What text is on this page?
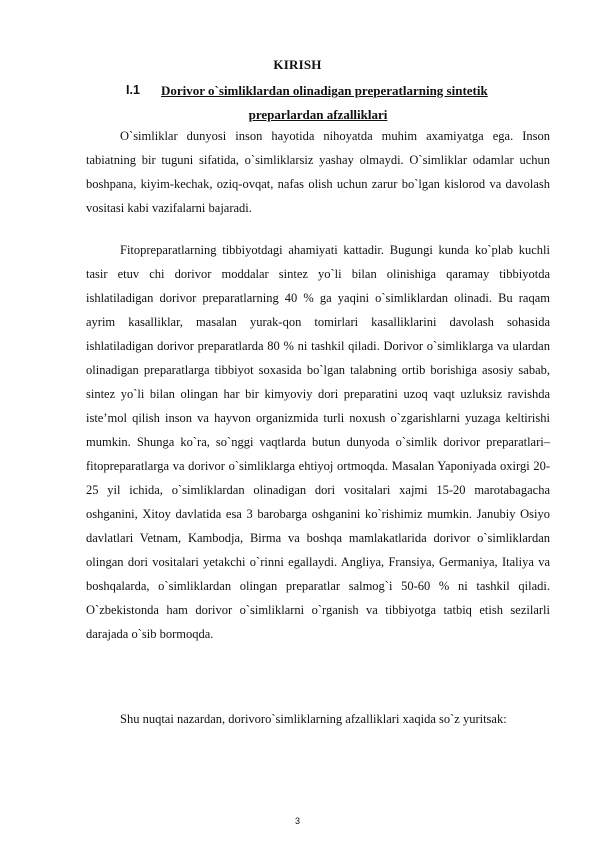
KIRISH
I.1 Dorivor o`simliklardan olinadigan preperatlarning sintetik
preparlardan afzalliklari

O`simliklar dunyosi inson hayotida nihoyatda muhim axamiyatga ega. Inson tabiatning bir tuguni sifatida, o`simliklarsiz yashay olmaydi. O`simliklar odamlar uchun boshpana, kiyim-kechak, oziq-ovqat, nafas olish uchun zarur bo`lgan kislorod va davolash vositasi kabi vazifalarni bajaradi.

Fitopreparatlarning tibbiyotdagi ahamiyati kattadir. Bugungi kunda ko`plab kuchli tasir etuv chi dorivor moddalar sintez yo`li bilan olinishiga qaramay tibbiyotda ishlatiladigan dorivor preparatlarning 40 % ga yaqini o`simliklardan olinadi. Bu raqam ayrim kasalliklar, masalan yurak-qon tomirlari kasalliklarini davolash sohasida ishlatiladigan dorivor preparatlarda 80 % ni tashkil qiladi. Dorivor o`simliklarga va ulardan olinadigan preparatlarga tibbiyot soxasida bo`lgan talabning ortib borishiga asosiy sabab, sintez yo`li bilan olingan har bir kimyoviy dori preparatini uzoq vaqt uzluksiz ravishda iste’mol qilish inson va hayvon organizmida turli noxush o`zgarishlarni yuzaga keltirishi mumkin. Shunga ko`ra, so`nggi vaqtlarda butun dunyoda o`simlik dorivor preparatlari–fitopreparatlarga va dorivor o`simliklarga ehtiyoj ortmoqda. Masalan Yaponiyada oxirgi 20-25 yil ichida, o`simliklardan olinadigan dori vositalari xajmi 15-20 marotabagacha oshganini, Xitoy davlatida esa 3 barobarga oshganini ko`rishimiz mumkin. Janubiy Osiyo davlatlari Vetnam, Kambodja, Birma va boshqa mamlakatlarida dorivor o`simliklardan olingan dori vositalari yetakchi o`rinni egallaydi. Angliya, Fransiya, Germaniya, Italiya va boshqalarda, o`simliklardan olingan preparatlar salmog`i 50-60 % ni tashkil qiladi. O`zbekistonda ham dorivor o`simliklarni o`rganish va tibbiyotga tatbiq etish sezilarli darajada o`sib bormoqda.

Shu nuqtai nazardan, dorivoro`simliklarning afzalliklari xaqida so`z yuritsak:

3
